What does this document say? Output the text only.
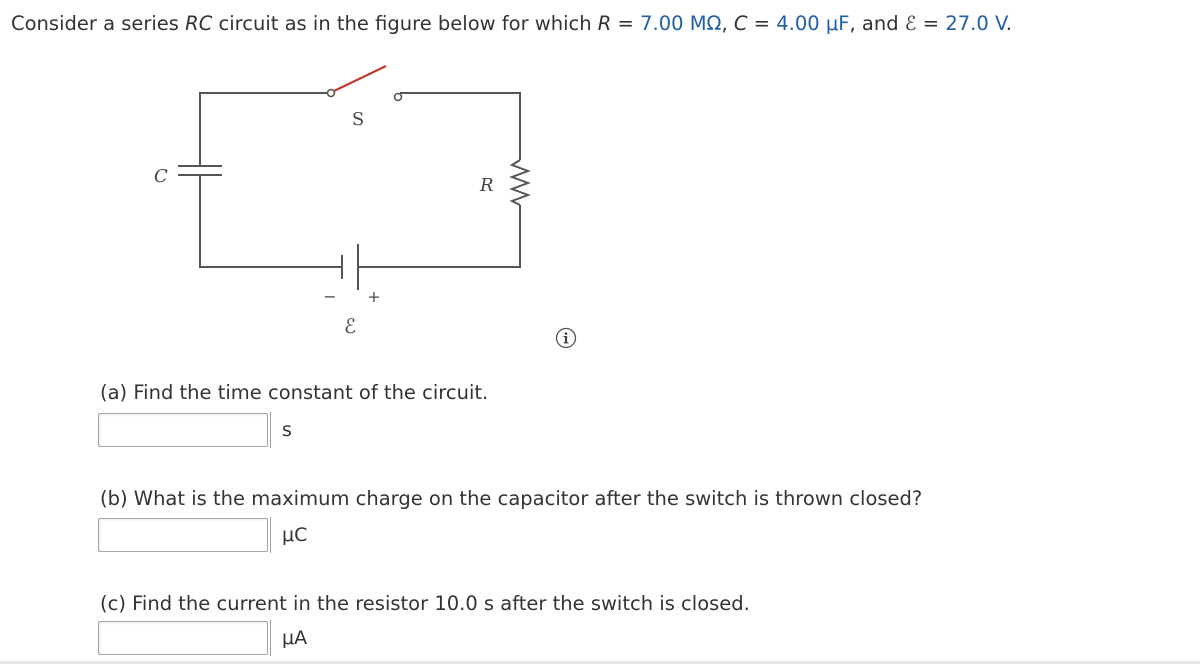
Consider a series RC circuit as in the figure below for which R = 7.00 MΩ, C = 4.00 μF, and ℰ = 27.0 V.
S
C	R
− +
ℰ
(a) Find the time constant of the circuit.
s
(b) What is the maximum charge on the capacitor after the switch is thrown closed?
μC
(c) Find the current in the resistor 10.0 s after the switch is closed.
μA
